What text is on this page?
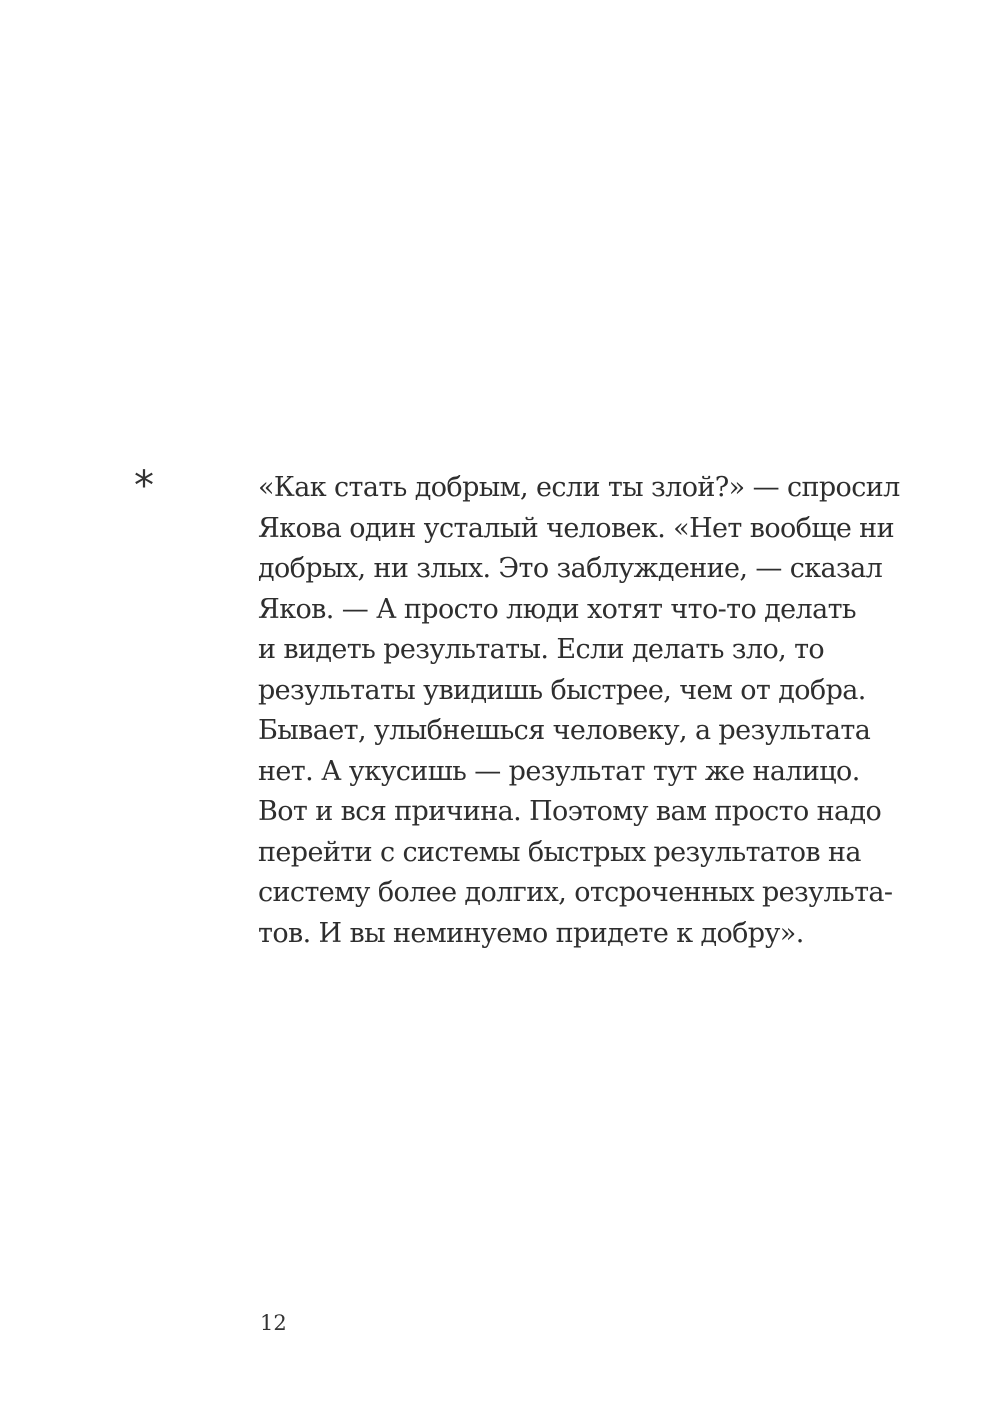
*	«Как стать добрым, если ты злой?» — спросил
Якова один усталый человек. «Нет вообще ни
добрых, ни злых. Это заблуждение, — сказал
Яков. — А просто люди хотят что-то делать
и видеть результаты. Если делать зло, то
результаты увидишь быстрее, чем от добра.
Бывает, улыбнешься человеку, а результата
нет. А укусишь — результат тут же налицо.
Вот и вся причина. Поэтому вам просто надо
перейти с системы быстрых результатов на
систему более долгих, отсроченных результа-
тов. И вы неминуемо придете к добру».
12
